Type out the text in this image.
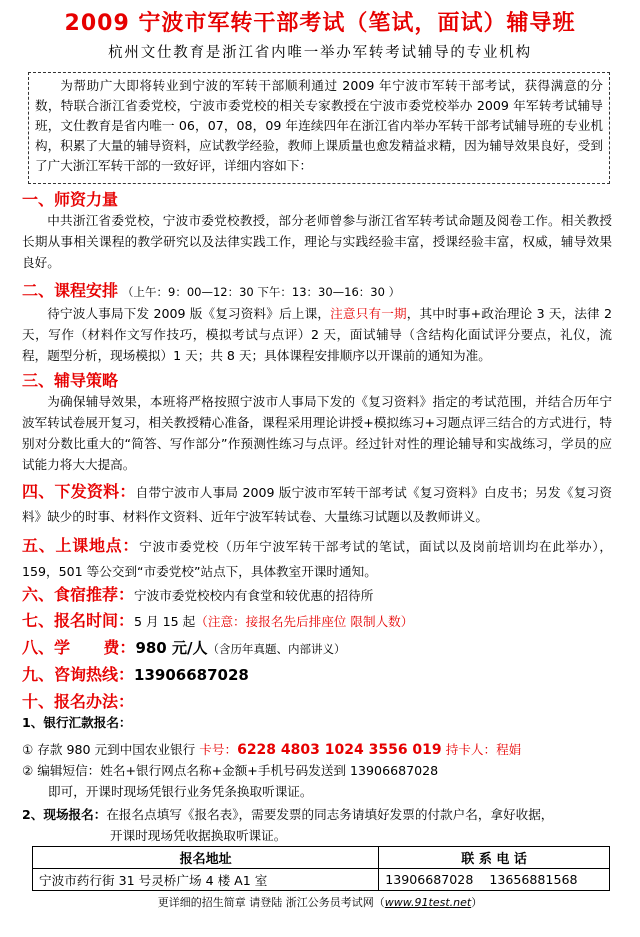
2009 宁波市军转干部考试（笔试，面试）辅导班
杭州文仕教育是浙江省内唯一举办军转考试辅导的专业机构

为帮助广大即将转业到宁波的军转干部顺利通过 2009 年宁波市军转干部考试，获得满意的分数，特联合浙江省委党校，宁波市委党校的相关专家教授在宁波市委党校举办 2009 年军转考试辅导班，文仕教育是省内唯一 06，07，08，09 年连续四年在浙江省内举办军转干部考试辅导班的专业机构，积累了大量的辅导资料，应试教学经验，教师上课质量也愈发精益求精，因为辅导效果良好，受到了广大浙江军转干部的一致好评，详细内容如下：

一、师资力量

中共浙江省委党校，宁波市委党校教授，部分老师曾参与浙江省军转考试命题及阅卷工作。相关教授长期从事相关课程的教学研究以及法律实践工作，理论与实践经验丰富，授课经验丰富，权威，辅导效果良好。

二、课程安排 （上午：9：00—12：30 下午：13：30—16：30 ）

待宁波人事局下发 2009 版《复习资料》后上课，注意只有一期，其中时事+政治理论 3 天，法律 2 天，写作（材料作文写作技巧，模拟考试与点评）2 天，面试辅导（含结构化面试评分要点，礼仪，流程，题型分析，现场模拟）1 天；共 8 天；具体课程安排顺序以开课前的通知为准。

三、辅导策略

为确保辅导效果，本班将严格按照宁波市人事局下发的《复习资料》指定的考试范围，并结合历年宁波军转试卷展开复习，相关教授精心准备，课程采用理论讲授+模拟练习+习题点评三结合的方式进行，特别对分数比重大的“简答、写作部分”作预测性练习与点评。经过针对性的理论辅导和实战练习，学员的应试能力将大大提高。

四、下发资料：自带宁波市人事局 2009 版宁波市军转干部考试《复习资料》白皮书；另发《复习资料》缺少的时事、材料作文资料、近年宁波军转试卷、大量练习试题以及教师讲义。

五、上课地点：宁波市委党校（历年宁波军转干部考试的笔试，面试以及岗前培训均在此举办），159，501 等公交到“市委党校”站点下，具体教室开课时通知。

六、食宿推荐：宁波市委党校校内有食堂和较优惠的招待所
七、报名时间：5 月 15 起（注意：接报名先后排座位 限制人数）
八、学      费：980 元/人（含历年真题、内部讲义）
九、咨询热线：13906687028
十、报名办法：
1、银行汇款报名：
① 存款 980 元到中国农业银行 卡号：6228 4803 1024 3556 019 持卡人：程娟
② 编辑短信：姓名+银行网点名称+金额+手机号码发送到 13906687028
即可，开课时现场凭银行业务凭条换取听课证。
2、现场报名：在报名点填写《报名表》，需要发票的同志务请填好发票的付款户名，拿好收据，
开课时现场凭收据换取听课证。
报名地址	联 系 电 话
宁波市药行街 31 号灵桥广场 4 楼 A1 室	13906687028    13656881568
更详细的招生简章 请登陆 浙江公务员考试网（www.91test.net）
